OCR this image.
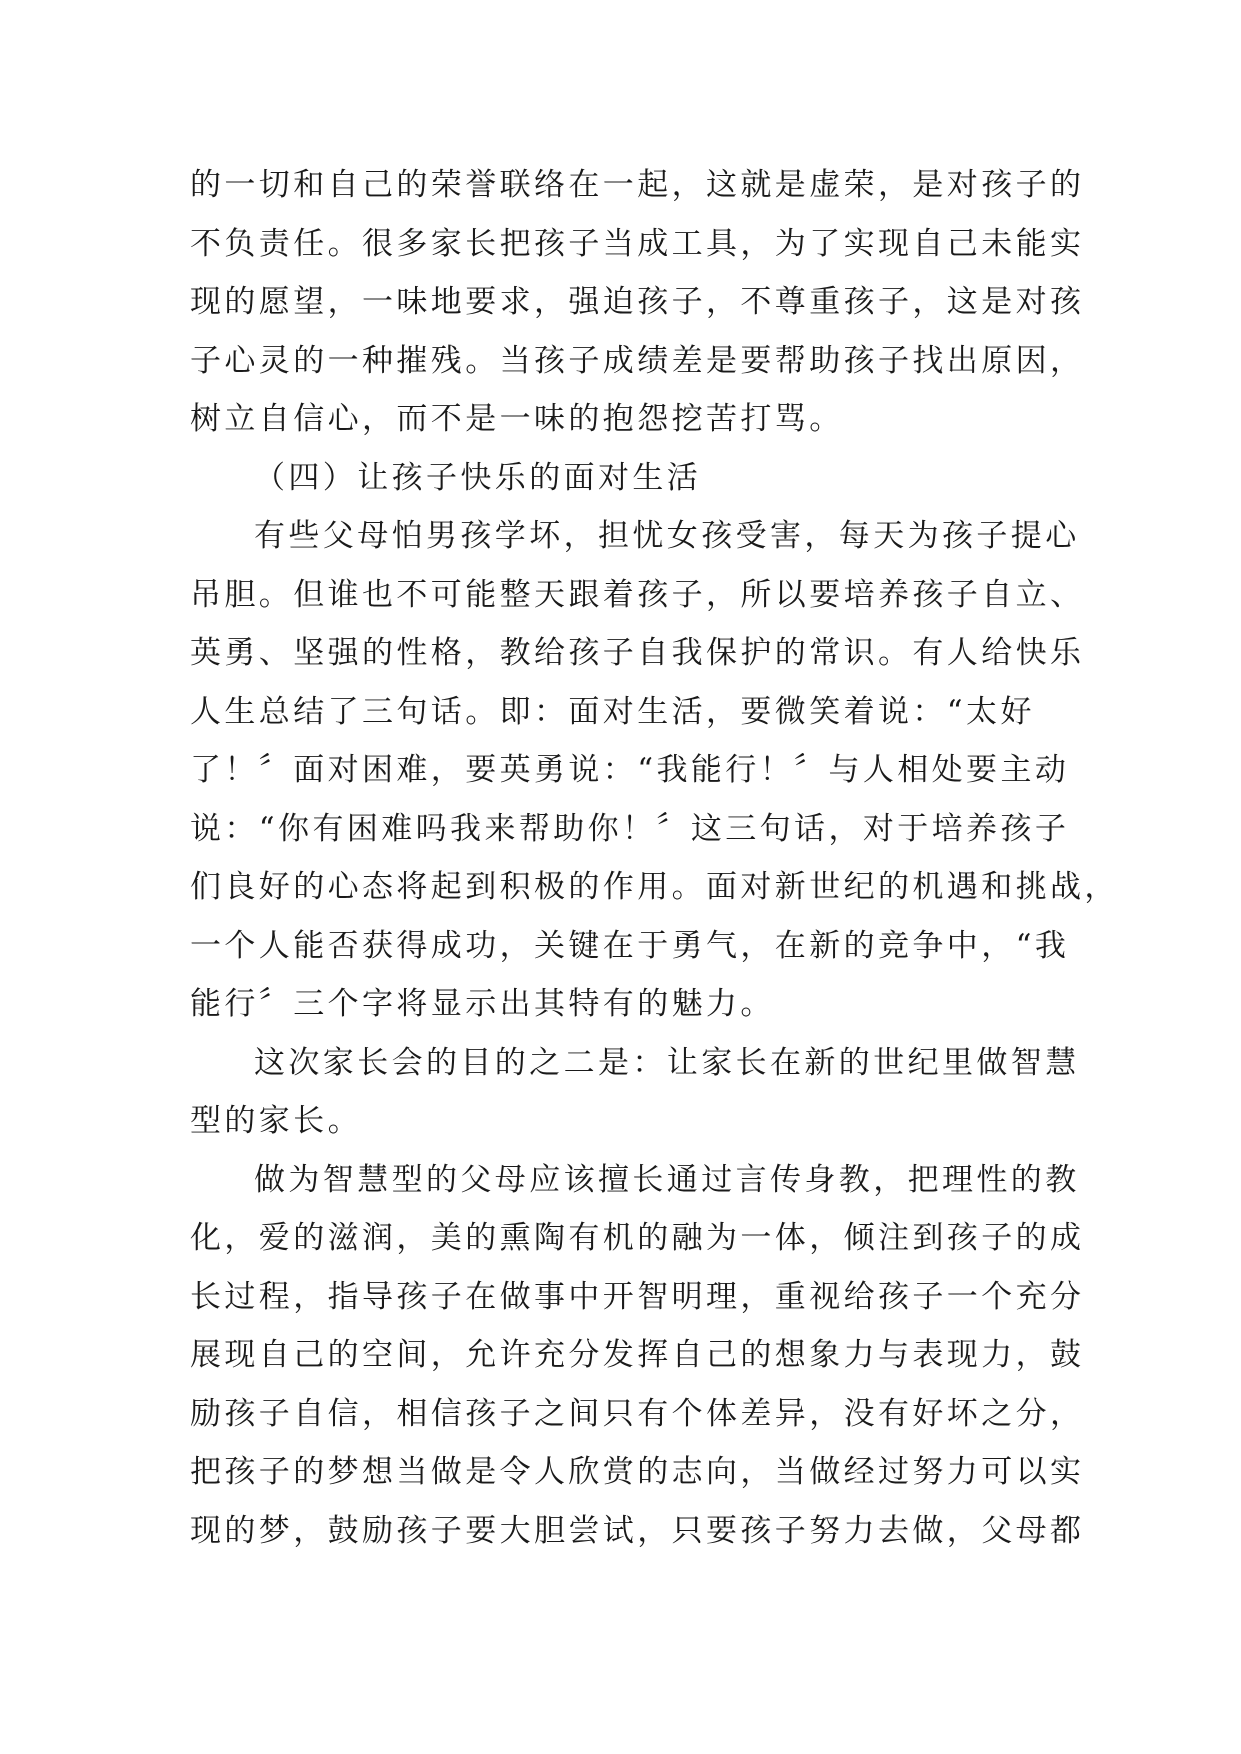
的一切和自己的荣誉联络在一起，这就是虚荣，是对孩子的
不负责任。很多家长把孩子当成工具，为了实现自己未能实
现的愿望，一味地要求，强迫孩子，不尊重孩子，这是对孩
子心灵的一种摧残。当孩子成绩差是要帮助孩子找出原因，
树立自信心，而不是一味的抱怨挖苦打骂。
（四）让孩子快乐的面对生活
有些父母怕男孩学坏，担忧女孩受害，每天为孩子提心
吊胆。但谁也不可能整天跟着孩子，所以要培养孩子自立、
英勇、坚强的性格，教给孩子自我保护的常识。有人给快乐
人生总结了三句话。即：面对生活，要微笑着说：“太好
了！〞面对困难，要英勇说：“我能行！〞与人相处要主动
说：“你有困难吗我来帮助你！〞这三句话，对于培养孩子
们良好的心态将起到积极的作用。面对新世纪的机遇和挑战，
一个人能否获得成功，关键在于勇气，在新的竞争中，“我
能行〞三个字将显示出其特有的魅力。
这次家长会的目的之二是：让家长在新的世纪里做智慧
型的家长。
做为智慧型的父母应该擅长通过言传身教，把理性的教
化，爱的滋润，美的熏陶有机的融为一体，倾注到孩子的成
长过程，指导孩子在做事中开智明理，重视给孩子一个充分
展现自己的空间，允许充分发挥自己的想象力与表现力，鼓
励孩子自信，相信孩子之间只有个体差异，没有好坏之分，
把孩子的梦想当做是令人欣赏的志向，当做经过努力可以实
现的梦，鼓励孩子要大胆尝试，只要孩子努力去做，父母都
